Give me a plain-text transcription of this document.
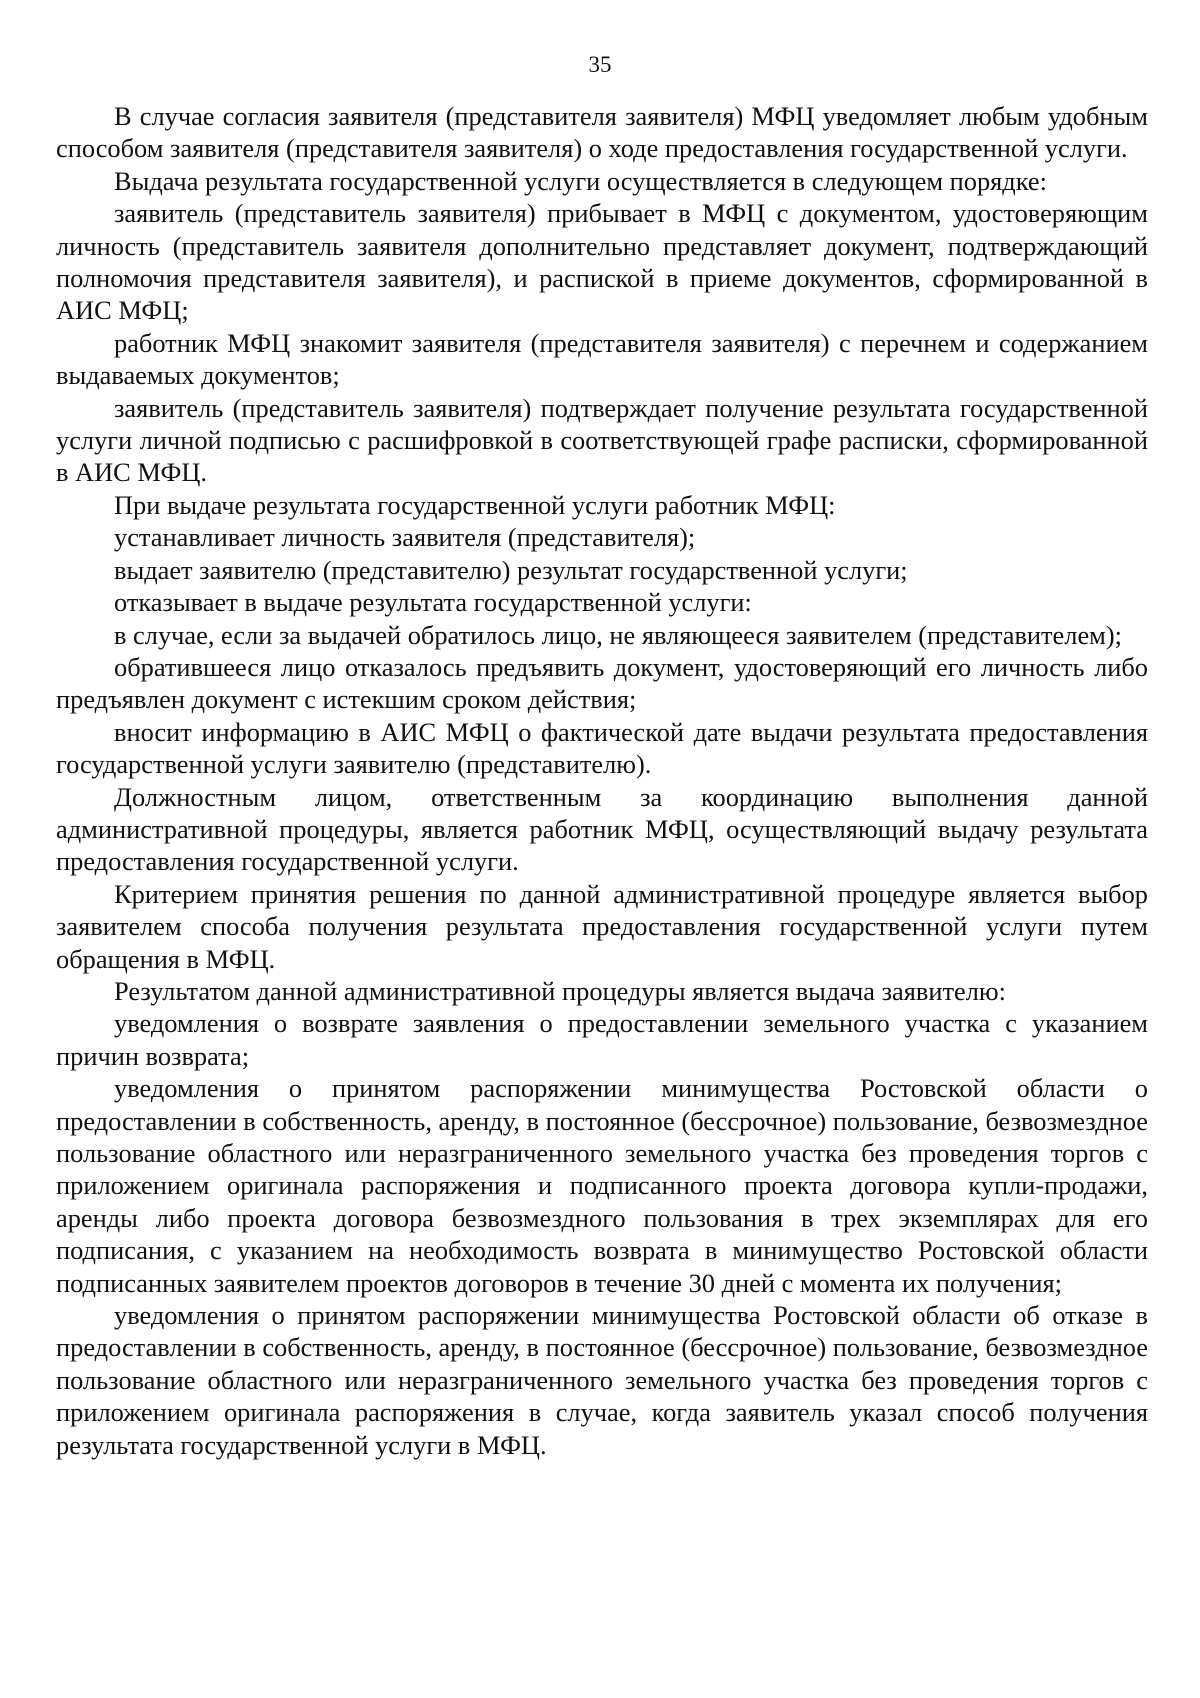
35

В случае согласия заявителя (представителя заявителя) МФЦ уведомляет любым удобным способом заявителя (представителя заявителя) о ходе предоставления государственной услуги.

Выдача результата государственной услуги осуществляется в следующем порядке:

заявитель (представитель заявителя) прибывает в МФЦ с документом, удостоверяющим личность (представитель заявителя дополнительно представляет документ, подтверждающий полномочия представителя заявителя), и распиской в приеме документов, сформированной в АИС МФЦ;

работник МФЦ знакомит заявителя (представителя заявителя) с перечнем и содержанием выдаваемых документов;

заявитель (представитель заявителя) подтверждает получение результата государственной услуги личной подписью с расшифровкой в соответствующей графе расписки, сформированной в АИС МФЦ.

При выдаче результата государственной услуги работник МФЦ:

устанавливает личность заявителя (представителя);

выдает заявителю (представителю) результат государственной услуги;

отказывает в выдаче результата государственной услуги:

в случае, если за выдачей обратилось лицо, не являющееся заявителем (представителем);

обратившееся лицо отказалось предъявить документ, удостоверяющий его личность либо предъявлен документ с истекшим сроком действия;

вносит информацию в АИС МФЦ о фактической дате выдачи результата предоставления государственной услуги заявителю (представителю).

Должностным лицом, ответственным за координацию выполнения данной административной процедуры, является работник МФЦ, осуществляющий выдачу результата предоставления государственной услуги.

Критерием принятия решения по данной административной процедуре является выбор заявителем способа получения результата предоставления государственной услуги путем обращения в МФЦ.

Результатом данной административной процедуры является выдача заявителю:

уведомления о возврате заявления о предоставлении земельного участка с указанием причин возврата;

уведомления о принятом распоряжении минимущества Ростовской области о предоставлении в собственность, аренду, в постоянное (бессрочное) пользование, безвозмездное пользование областного или неразграниченного земельного участка без проведения торгов с приложением оригинала распоряжения и подписанного проекта договора купли-продажи, аренды либо проекта договора безвозмездного пользования в трех экземплярах для его подписания, с указанием на необходимость возврата в минимущество Ростовской области подписанных заявителем проектов договоров в течение 30 дней с момента их получения;

уведомления о принятом распоряжении минимущества Ростовской области об отказе в предоставлении в собственность, аренду, в постоянное (бессрочное) пользование, безвозмездное пользование областного или неразграниченного земельного участка без проведения торгов с приложением оригинала распоряжения в случае, когда заявитель указал способ получения результата государственной услуги в МФЦ.
